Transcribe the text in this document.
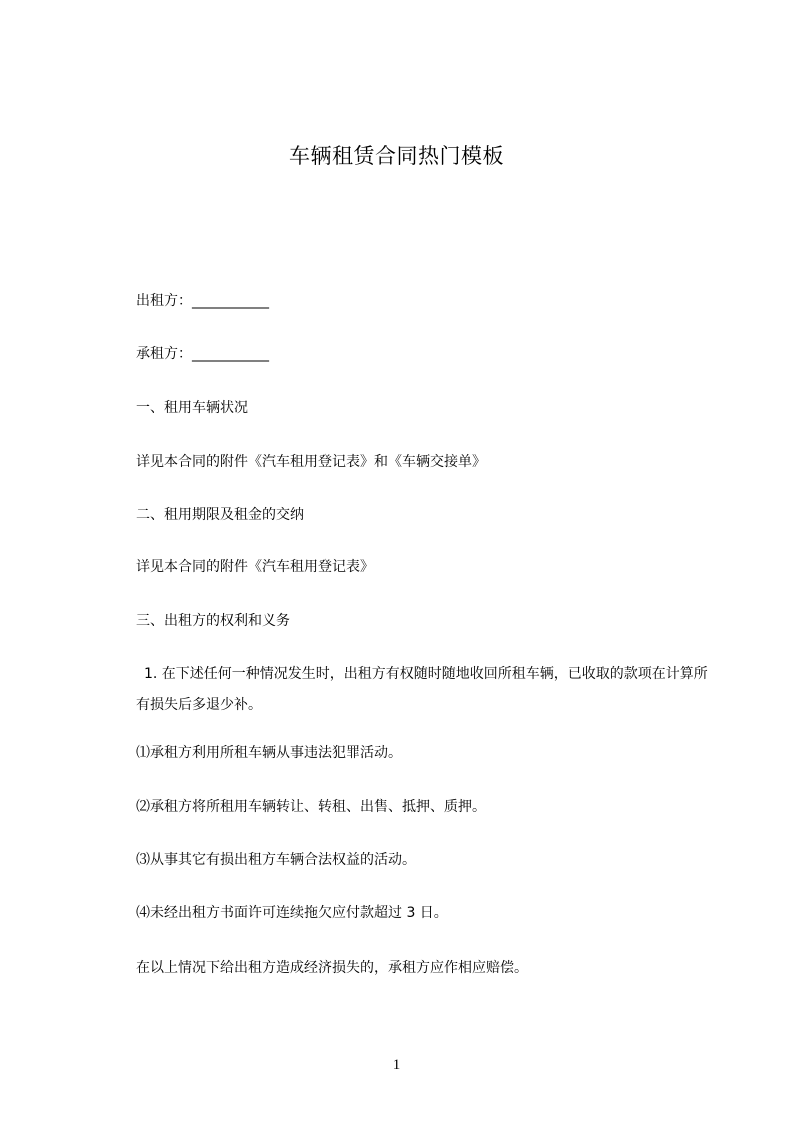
车辆租赁合同热门模板
出租方：___________
承租方：___________
一、租用车辆状况
详见本合同的附件《汽车租用登记表》和《车辆交接单》
二、租用期限及租金的交纳
详见本合同的附件《汽车租用登记表》
三、出租方的权利和义务
1. 在下述任何一种情况发生时，出租方有权随时随地收回所租车辆，已收取的款项在计算所有损失后多退少补。
⑴承租方利用所租车辆从事违法犯罪活动。
⑵承租方将所租用车辆转让、转租、出售、抵押、质押。
⑶从事其它有损出租方车辆合法权益的活动。
⑷未经出租方书面许可连续拖欠应付款超过 3 日。
在以上情况下给出租方造成经济损失的，承租方应作相应赔偿。
1
